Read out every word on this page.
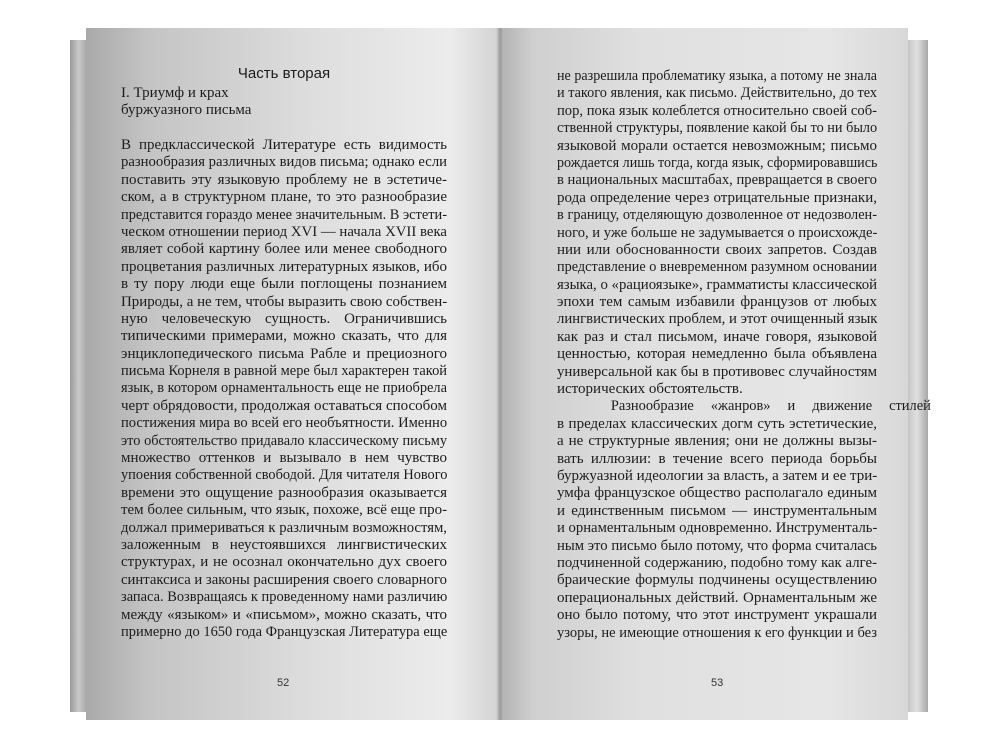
Часть вторая
I. Триумф и крах
буржуазного письма
В предклассической Литературе есть видимость
разнообразия различных видов письма; однако если
поставить эту языковую проблему не в эстетиче-
ском, а в структурном плане, то это разнообразие
представится гораздо менее значительным. В эстети-
ческом отношении период XVI — начала XVII века
являет собой картину более или менее свободного
процветания различных литературных языков, ибо
в ту пору люди еще были поглощены познанием
Природы, а не тем, чтобы выразить свою собствен-
ную человеческую сущность. Ограничившись
типическими примерами, можно сказать, что для
энциклопедического письма Рабле и прециозного
письма Корнеля в равной мере был характерен такой
язык, в котором орнаментальность еще не приобрела
черт обрядовости, продолжая оставаться способом
постижения мира во всей его необъятности. Именно
это обстоятельство придавало классическому письму
множество оттенков и вызывало в нем чувство
упоения собственной свободой. Для читателя Нового
времени это ощущение разнообразия оказывается
тем более сильным, что язык, похоже, всё еще про-
должал примериваться к различным возможностям,
заложенным в неустоявшихся лингвистических
структурах, и не осознал окончательно дух своего
синтаксиса и законы расширения своего словарного
запаса. Возвращаясь к проведенному нами различию
между «языком» и «письмом», можно сказать, что
примерно до 1650 года Французская Литература еще
не разрешила проблематику языка, а потому не знала
и такого явления, как письмо. Действительно, до тех
пор, пока язык колеблется относительно своей соб-
ственной структуры, появление какой бы то ни было
языковой морали остается невозможным; письмо
рождается лишь тогда, когда язык, сформировавшись
в национальных масштабах, превращается в своего
рода определение через отрицательные признаки,
в границу, отделяющую дозволенное от недозволен-
ного, и уже больше не задумывается о происхожде-
нии или обоснованности своих запретов. Создав
представление о вневременном разумном основании
языка, о «рациоязыке», грамматисты классической
эпохи тем самым избавили французов от любых
лингвистических проблем, и этот очищенный язык
как раз и стал письмом, иначе говоря, языковой
ценностью, которая немедленно была объявлена
универсальной как бы в противовес случайностям
исторических обстоятельств.
Разнообразие «жанров» и движение стилей
в пределах классических догм суть эстетические,
а не структурные явления; они не должны вызы-
вать иллюзии: в течение всего периода борьбы
буржуазной идеологии за власть, а затем и ее три-
умфа французское общество располагало единым
и единственным письмом — инструментальным
и орнаментальным одновременно. Инструменталь-
ным это письмо было потому, что форма считалась
подчиненной содержанию, подобно тому как алге-
браические формулы подчинены осуществлению
операциональных действий. Орнаментальным же
оно было потому, что этот инструмент украшали
узоры, не имеющие отношения к его функции и без
52	53
